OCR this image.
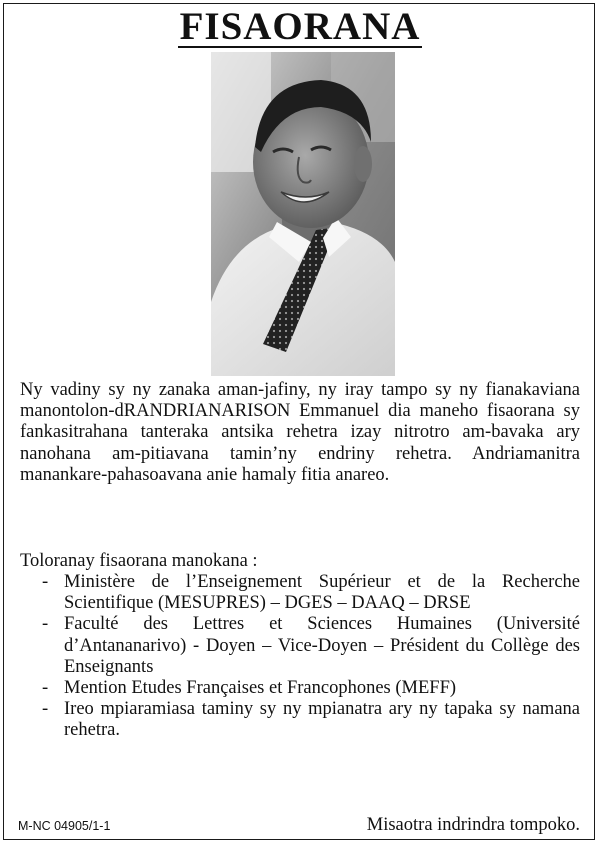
FISAORANA

Ny vadiny sy ny zanaka aman-jafiny, ny iray tampo sy ny fianakaviana manontolon-dRANDRIANARISON Emmanuel dia maneho fisaorana sy fankasitrahana tanteraka antsika rehetra izay nitrotro am-bavaka ary nanohana am-pitiavana tamin’ny endriny rehetra. Andriamanitra manankare-pahasoavana anie hamaly fitia anareo.

Toloranay fisaorana manokana :

- Ministère de l’Enseignement Supérieur et de la Recherche Scientifique (MESUPRES) – DGES – DAAQ – DRSE
- Faculté des Lettres et Sciences Humaines (Université d’Antananarivo) - Doyen – Vice-Doyen – Président du Collège des Enseignants
- Mention Etudes Françaises et Francophones (MEFF)
- Ireo mpiaramiasa taminy sy ny mpianatra ary ny tapaka sy namana rehetra.
M-NC 04905/1-1	Misaotra indrindra tompoko.
